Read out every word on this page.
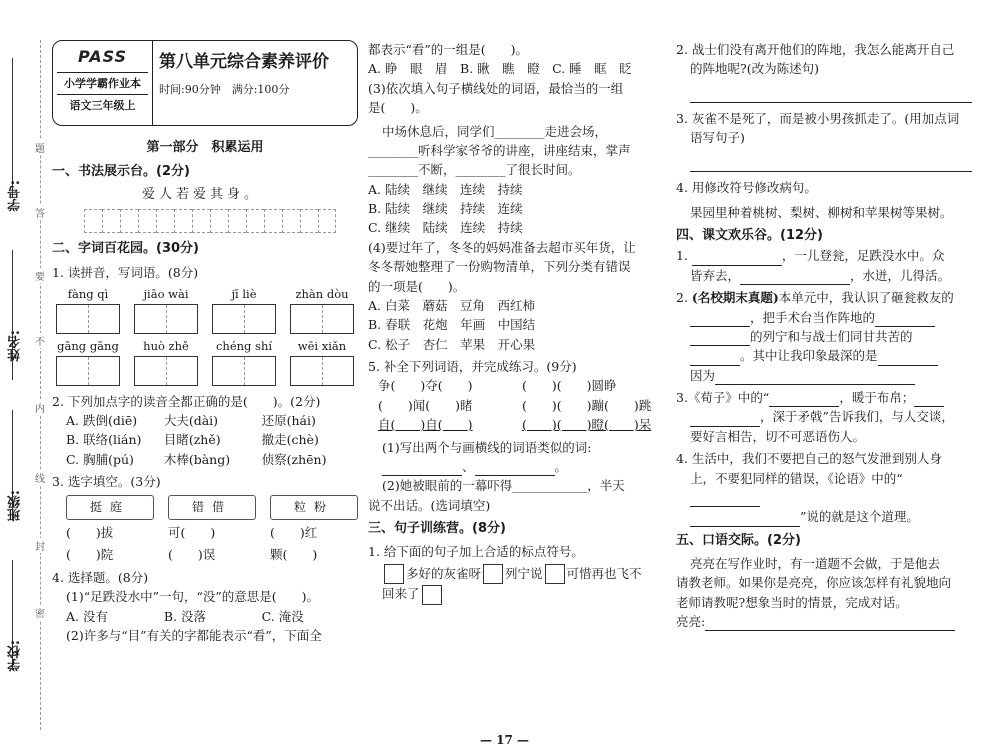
学号:
姓名:
班级:
学校:
题
答
要
不
内
线
封
密
PASS
小学学霸作业本
语文三年级上
第八单元综合素养评价
时间:90分钟　满分:100分
第一部分　积累运用
一、书法展示台。(2分)
爱人若爱其身。
二、字词百花园。(30分)
1. 读拼音，写词语。(8分)
fàng qì	jiāo wài	jī liè	zhàn dòu
gāng gāng	huò zhě	chéng shí	wēi xiǎn
2. 下列加点字的读音全都正确的是(　　)。(2分)
A. 跌倒(diē)	大夫(dài)	还原(hái)
B. 联络(lián)	目睹(zhě)	撤走(chè)
C. 胸脯(pú)	木棒(bàng)	侦察(zhēn)
3. 选字填空。(3分)
挺庭	错借	粒粉
(　　)拔	可(　　)	(　　)红
(　　)院	(　　)误	颗(　　)
4. 选择题。(8分)
(1)“足跌没水中”一句，“没”的意思是(　　)。
A. 没有	B. 没落	C. 淹没
(2)许多与“目”有关的字都能表示“看”，下面全
都表示“看”的一组是(　　)。
A. 睁　眼　眉　B. 瞅　瞧　瞪　C. 睡　眶　眨
(3)依次填入句子横线处的词语，最恰当的一组
是(　　)。
中场休息后，同学们________走进会场，
________听科学家爷爷的讲座，讲座结束，掌声
________不断，________了很长时间。
A. 陆续　继续　连续　持续
B. 陆续　继续　持续　连续
C. 继续　陆续　连续　持续
(4)要过年了，冬冬的妈妈准备去超市买年货，让
冬冬帮她整理了一份购物清单，下列分类有错误
的一项是(　　)。
A. 白菜　蘑菇　豆角　西红柿
B. 春联　花炮　年画　中国结
C. 松子　杏仁　苹果　开心果
5. 补全下列词语，并完成练习。(9分)
争(　　)夺(　　)	(　　)(　　)圆睁
(　　)闻(　　)睹	(　　)(　　)蹦(　　)跳
自(　　)自(　　)	(　　)(　　)瞪(　　)呆
(1)写出两个与画横线的词语类似的词:
、	。
(2)她被眼前的一幕吓得____________，半天
说不出话。(选词填空)
三、句子训练营。(8分)
1. 给下面的句子加上合适的标点符号。
多好的灰雀呀 列宁说 可惜再也飞不
回来了
2. 战士们没有离开他们的阵地，我怎么能离开自己
的阵地呢?(改为陈述句)
3. 灰雀不是死了，而是被小男孩抓走了。(用加点词
语写句子)
4. 用修改符号修改病句。
果园里种着桃树、梨树、柳树和苹果树等果树。
四、课文欢乐谷。(12分)
1.	，一儿登瓮，足跌没水中。众
皆弃去，	，水迸，儿得活。
2. (名校期末真题)本单元中，我认识了砸瓮救友的
，把手术台当作阵地的
的列宁和与战士们同甘共苦的
。其中让我印象最深的是
因为
3.《荀子》中的“	，暖于布帛；
，深于矛戟”告诉我们，与人交谈，
要好言相告，切不可恶语伤人。
4. 生活中，我们不要把自己的怒气发泄到别人身
上，不要犯同样的错误，《论语》中的“
”说的就是这个道理。
五、口语交际。(2分)
亮亮在写作业时，有一道题不会做，于是他去
请教老师。如果你是亮亮，你应该怎样有礼貌地向
老师请教呢?想象当时的情景，完成对话。
亮亮:
— 17 —
